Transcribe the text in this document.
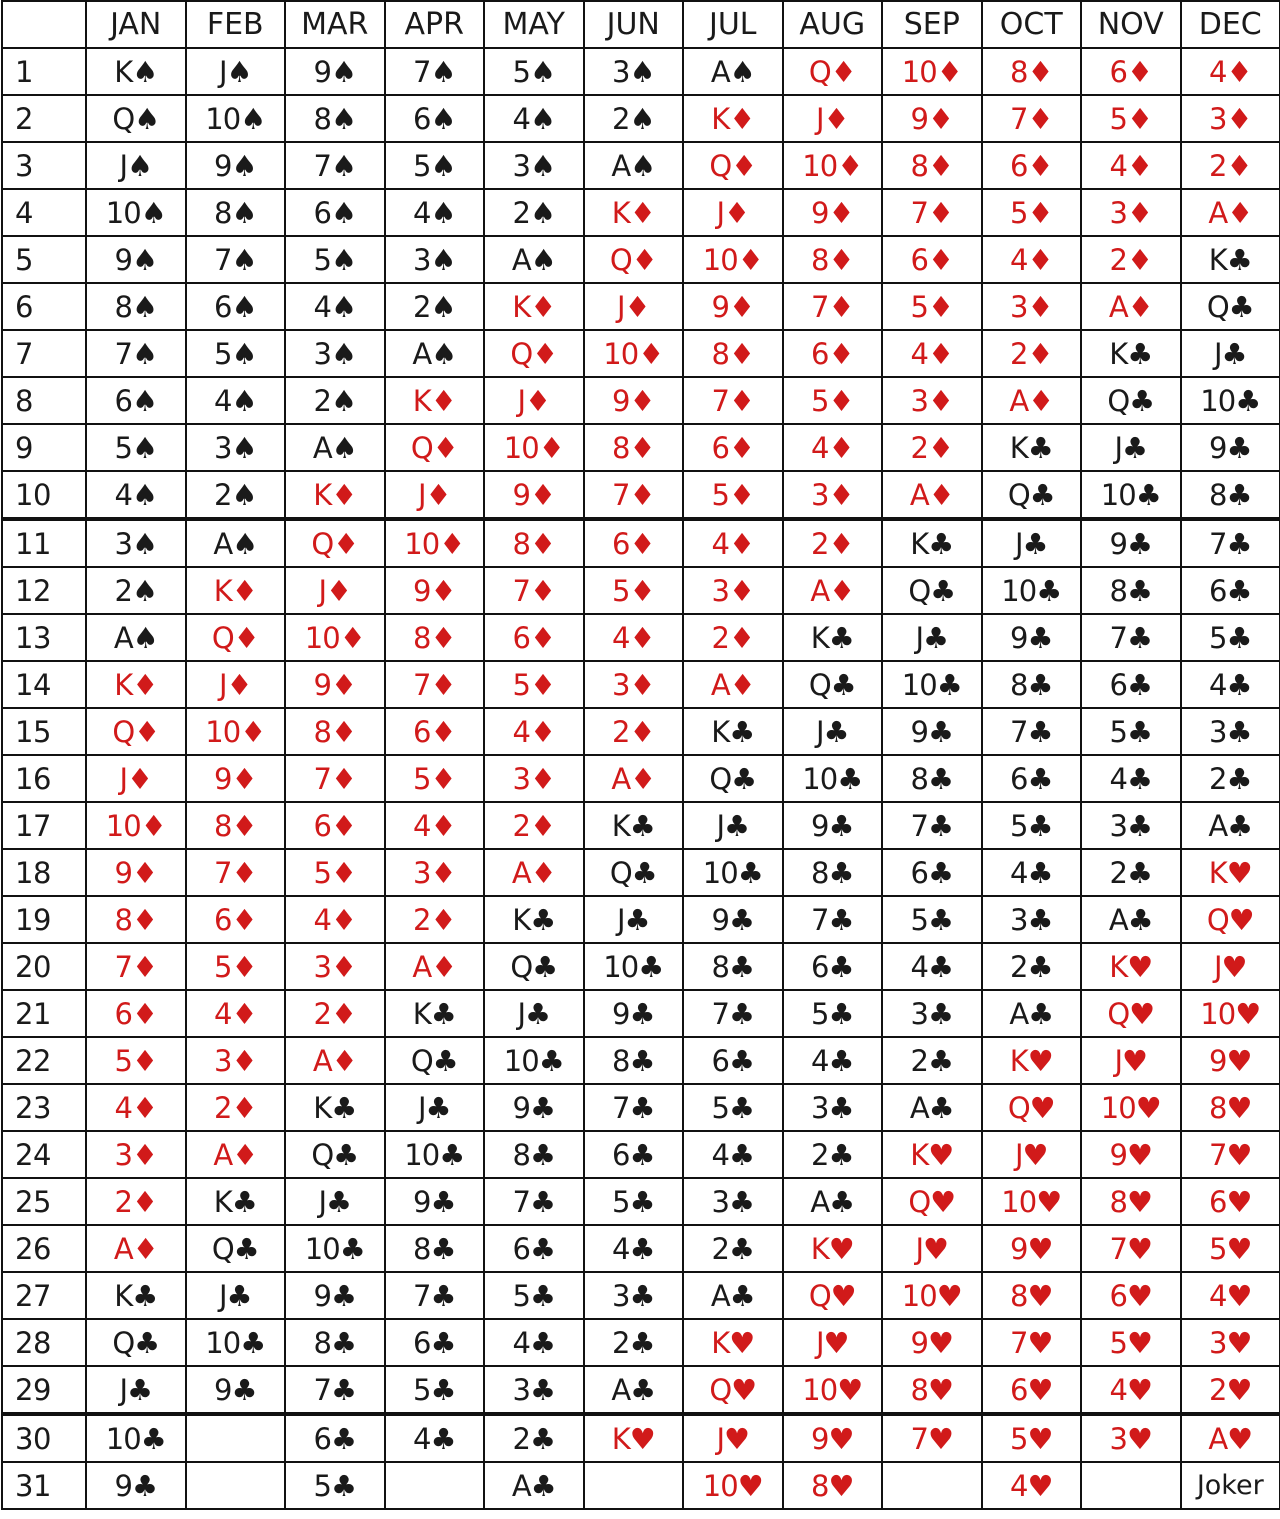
	JAN	FEB	MAR	APR	MAY	JUN	JUL	AUG	SEP	OCT	NOV	DEC
1	K♠	J♠	9♠	7♠	5♠	3♠	A♠	Q♦	10♦	8♦	6♦	4♦
2	Q♠	10♠	8♠	6♠	4♠	2♠	K♦	J♦	9♦	7♦	5♦	3♦
3	J♠	9♠	7♠	5♠	3♠	A♠	Q♦	10♦	8♦	6♦	4♦	2♦
4	10♠	8♠	6♠	4♠	2♠	K♦	J♦	9♦	7♦	5♦	3♦	A♦
5	9♠	7♠	5♠	3♠	A♠	Q♦	10♦	8♦	6♦	4♦	2♦	K♣
6	8♠	6♠	4♠	2♠	K♦	J♦	9♦	7♦	5♦	3♦	A♦	Q♣
7	7♠	5♠	3♠	A♠	Q♦	10♦	8♦	6♦	4♦	2♦	K♣	J♣
8	6♠	4♠	2♠	K♦	J♦	9♦	7♦	5♦	3♦	A♦	Q♣	10♣
9	5♠	3♠	A♠	Q♦	10♦	8♦	6♦	4♦	2♦	K♣	J♣	9♣
10	4♠	2♠	K♦	J♦	9♦	7♦	5♦	3♦	A♦	Q♣	10♣	8♣
11	3♠	A♠	Q♦	10♦	8♦	6♦	4♦	2♦	K♣	J♣	9♣	7♣
12	2♠	K♦	J♦	9♦	7♦	5♦	3♦	A♦	Q♣	10♣	8♣	6♣
13	A♠	Q♦	10♦	8♦	6♦	4♦	2♦	K♣	J♣	9♣	7♣	5♣
14	K♦	J♦	9♦	7♦	5♦	3♦	A♦	Q♣	10♣	8♣	6♣	4♣
15	Q♦	10♦	8♦	6♦	4♦	2♦	K♣	J♣	9♣	7♣	5♣	3♣
16	J♦	9♦	7♦	5♦	3♦	A♦	Q♣	10♣	8♣	6♣	4♣	2♣
17	10♦	8♦	6♦	4♦	2♦	K♣	J♣	9♣	7♣	5♣	3♣	A♣
18	9♦	7♦	5♦	3♦	A♦	Q♣	10♣	8♣	6♣	4♣	2♣	K♥
19	8♦	6♦	4♦	2♦	K♣	J♣	9♣	7♣	5♣	3♣	A♣	Q♥
20	7♦	5♦	3♦	A♦	Q♣	10♣	8♣	6♣	4♣	2♣	K♥	J♥
21	6♦	4♦	2♦	K♣	J♣	9♣	7♣	5♣	3♣	A♣	Q♥	10♥
22	5♦	3♦	A♦	Q♣	10♣	8♣	6♣	4♣	2♣	K♥	J♥	9♥
23	4♦	2♦	K♣	J♣	9♣	7♣	5♣	3♣	A♣	Q♥	10♥	8♥
24	3♦	A♦	Q♣	10♣	8♣	6♣	4♣	2♣	K♥	J♥	9♥	7♥
25	2♦	K♣	J♣	9♣	7♣	5♣	3♣	A♣	Q♥	10♥	8♥	6♥
26	A♦	Q♣	10♣	8♣	6♣	4♣	2♣	K♥	J♥	9♥	7♥	5♥
27	K♣	J♣	9♣	7♣	5♣	3♣	A♣	Q♥	10♥	8♥	6♥	4♥
28	Q♣	10♣	8♣	6♣	4♣	2♣	K♥	J♥	9♥	7♥	5♥	3♥
29	J♣	9♣	7♣	5♣	3♣	A♣	Q♥	10♥	8♥	6♥	4♥	2♥
30	10♣		6♣	4♣	2♣	K♥	J♥	9♥	7♥	5♥	3♥	A♥
31	9♣		5♣		A♣		10♥	8♥		4♥		Joker
